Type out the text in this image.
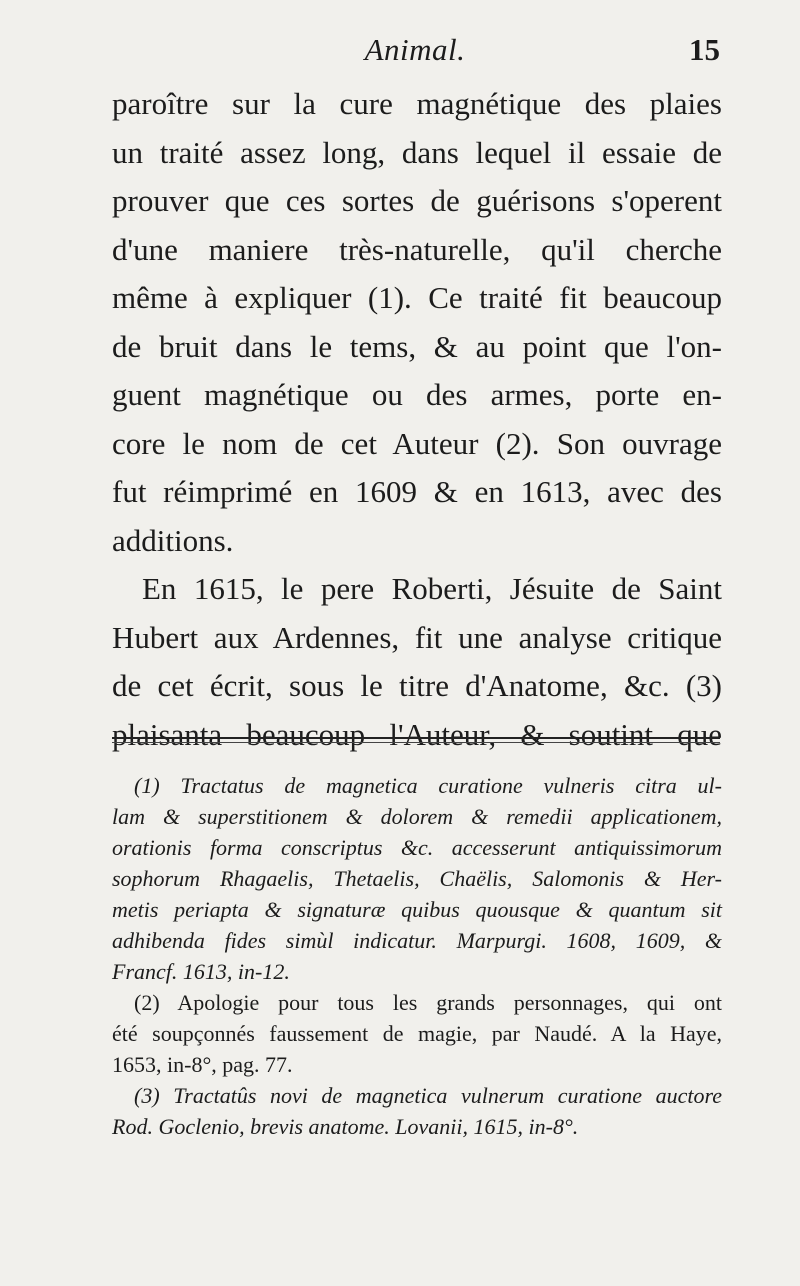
Animal.	15
paroître sur la cure magnétique des plaies
un traité assez long, dans lequel il essaie de
prouver que ces sortes de guérisons s'operent
d'une maniere très-naturelle, qu'il cherche
même à expliquer (1). Ce traité fit beaucoup
de bruit dans le tems, & au point que l'on-
guent magnétique ou des armes, porte en-
core le nom de cet Auteur (2). Son ouvrage
fut réimprimé en 1609 & en 1613, avec des
additions.
En 1615, le pere Roberti, Jésuite de Saint
Hubert aux Ardennes, fit une analyse critique
de cet écrit, sous le titre d'Anatome, &c. (3)
plaisanta beaucoup l'Auteur, & soutint que
(1) Tractatus de magnetica curatione vulneris citra ul-
lam & superstitionem & dolorem & remedii applicationem,
orationis forma conscriptus &c. accesserunt antiquissimorum
sophorum Rhagaelis, Thetaelis, Chaëlis, Salomonis & Her-
metis periapta & signaturæ quibus quousque & quantum sit
adhibenda fides simùl indicatur. Marpurgi. 1608, 1609, &
Francf. 1613, in-12.
(2) Apologie pour tous les grands personnages, qui ont
été soupçonnés faussement de magie, par Naudé. A la Haye,
1653, in-8°, pag. 77.
(3) Tractatûs novi de magnetica vulnerum curatione auctore
Rod. Goclenio, brevis anatome. Lovanii, 1615, in-8°.
